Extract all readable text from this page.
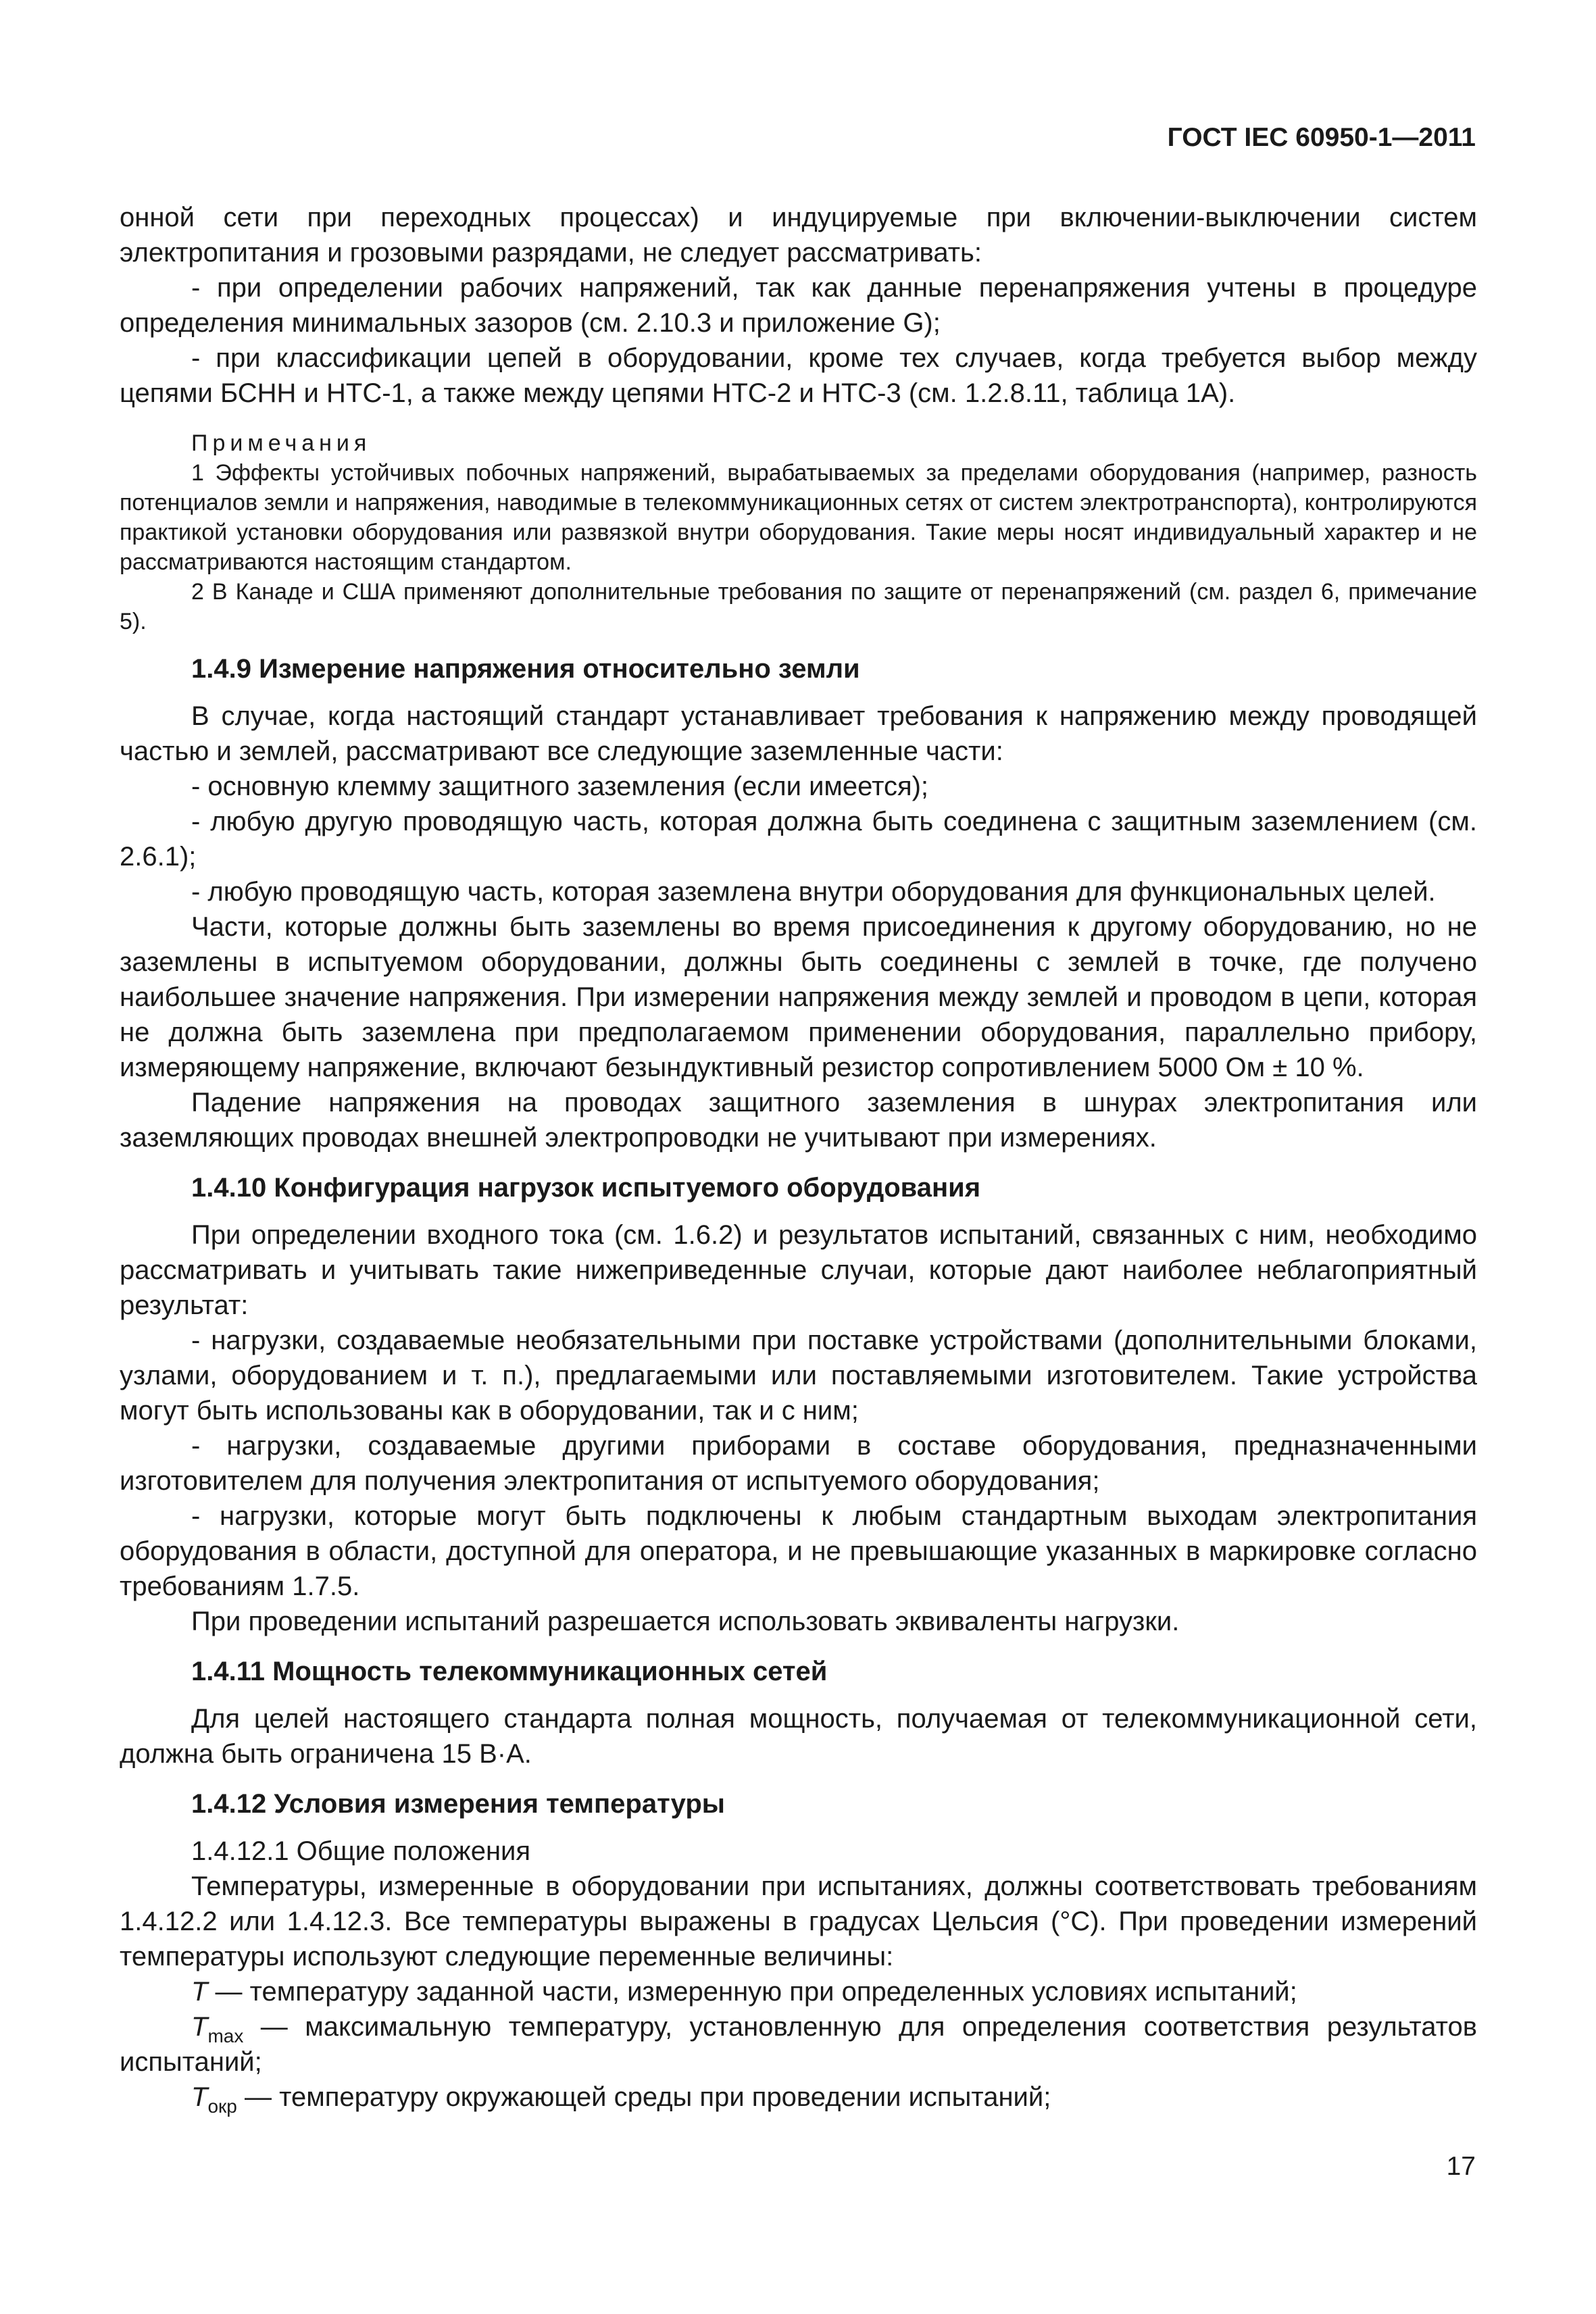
ГОСТ IEC 60950-1—2011

онной сети при переходных процессах) и индуцируемые при включении-выключении систем электропитания и грозовыми разрядами, не следует рассматривать:

- при определении рабочих напряжений, так как данные перенапряжения учтены в процедуре определения минимальных зазоров (см. 2.10.3 и приложение G);

- при классификации цепей в оборудовании, кроме тех случаев, когда требуется выбор между цепями БСНН и НТС-1, а также между цепями НТС-2 и НТС-3 (см. 1.2.8.11, таблица 1А).

Примечания

1 Эффекты устойчивых побочных напряжений, вырабатываемых за пределами оборудования (например, разность потенциалов земли и напряжения, наводимые в телекоммуникационных сетях от систем электротранспорта), контролируются практикой установки оборудования или развязкой внутри оборудования. Такие меры носят индивидуальный характер и не рассматриваются настоящим стандартом.

2 В Канаде и США применяют дополнительные требования по защите от перенапряжений (см. раздел 6, примечание 5).

1.4.9 Измерение напряжения относительно земли

В случае, когда настоящий стандарт устанавливает требования к напряжению между проводящей частью и землей, рассматривают все следующие заземленные части:

- основную клемму защитного заземления (если имеется);

- любую другую проводящую часть, которая должна быть соединена с защитным заземлением (см. 2.6.1);

- любую проводящую часть, которая заземлена внутри оборудования для функциональных целей.

Части, которые должны быть заземлены во время присоединения к другому оборудованию, но не заземлены в испытуемом оборудовании, должны быть соединены с землей в точке, где получено наибольшее значение напряжения. При измерении напряжения между землей и проводом в цепи, которая не должна быть заземлена при предполагаемом применении оборудования, параллельно прибору, измеряющему напряжение, включают безындуктивный резистор сопротивлением 5000 Ом ± 10 %.

Падение напряжения на проводах защитного заземления в шнурах электропитания или заземляющих проводах внешней электропроводки не учитывают при измерениях.

1.4.10 Конфигурация нагрузок испытуемого оборудования

При определении входного тока (см. 1.6.2) и результатов испытаний, связанных с ним, необходимо рассматривать и учитывать такие нижеприведенные случаи, которые дают наиболее неблагоприятный результат:

- нагрузки, создаваемые необязательными при поставке устройствами (дополнительными блоками, узлами, оборудованием и т. п.), предлагаемыми или поставляемыми изготовителем. Такие устройства могут быть использованы как в оборудовании, так и с ним;

- нагрузки, создаваемые другими приборами в составе оборудования, предназначенными изготовителем для получения электропитания от испытуемого оборудования;

- нагрузки, которые могут быть подключены к любым стандартным выходам электропитания оборудования в области, доступной для оператора, и не превышающие указанных в маркировке согласно требованиям 1.7.5.

При проведении испытаний разрешается использовать эквиваленты нагрузки.

1.4.11 Мощность телекоммуникационных сетей

Для целей настоящего стандарта полная мощность, получаемая от телекоммуникационной сети, должна быть ограничена 15 В·А.

1.4.12 Условия измерения температуры

1.4.12.1 Общие положения

Температуры, измеренные в оборудовании при испытаниях, должны соответствовать требованиям 1.4.12.2 или 1.4.12.3. Все температуры выражены в градусах Цельсия (°С). При проведении измерений температуры используют следующие переменные величины:

T — температуру заданной части, измеренную при определенных условиях испытаний;

$T_{max}$ — максимальную температуру, установленную для определения соответствия результатов испытаний;

$T_{окр}$ — температуру окружающей среды при проведении испытаний;

17
